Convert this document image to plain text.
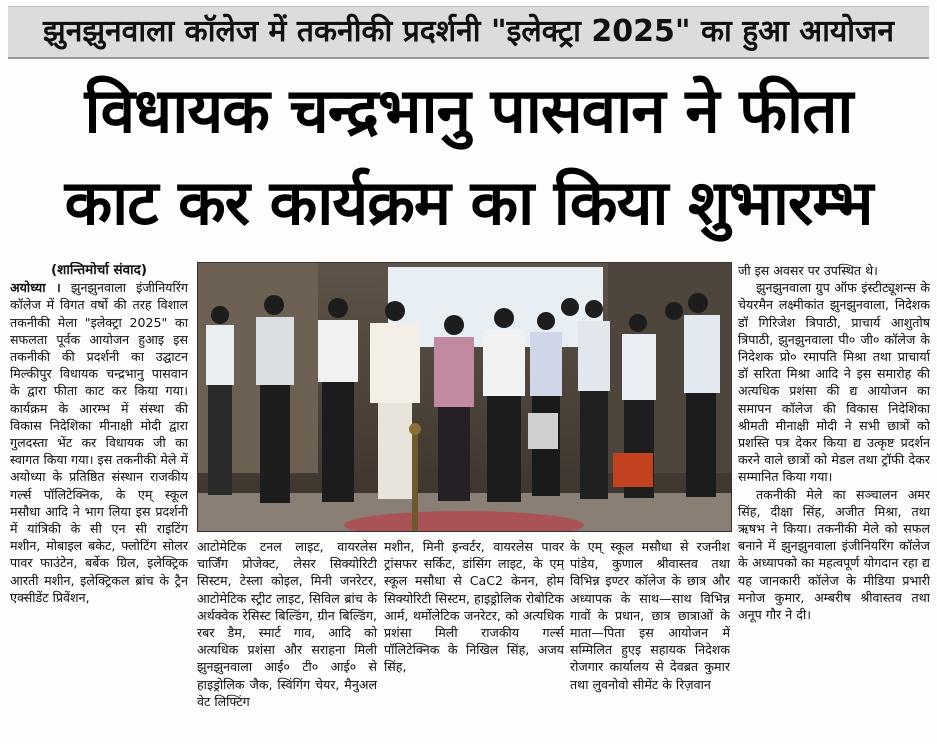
झुनझुनवाला कॉलेज में तकनीकी प्रदर्शनी "इलेक्ट्रा 2025" का हुआ आयोजन
विधायक चन्द्रभानु पासवान ने फीता
काट कर कार्यक्रम का किया शुभारम्भ

(शान्तिमोर्चा संवाद)

अयोध्या । झुनझुनवाला इंजीनियरिंग कॉलेज में विगत वर्षो की तरह विशाल तकनीकी मेला "इलेक्ट्रा 2025" का सफलता पूर्वक आयोजन हुआइ इस तकनीकी की प्रदर्शनी का उद्घाटन मिल्कीपुर विधायक चन्द्रभानु पासवान के द्वारा फीता काट कर किया गया। कार्यक्रम के आरम्भ में संस्था की विकास निदेशिका मीनाक्षी मोदी द्वारा गुलदस्ता भेंट कर विधायक जी का स्वागत किया गया। इस तकनीकी मेले में अयोध्या के प्रतिष्ठित संस्थान राजकीय गर्ल्स पॉलिटेक्निक, के एम् स्कूल मसौधा आदि ने भाग लिया इस प्रदर्शनी में यांत्रिकी के सी एन सी राइटिंग मशीन, मोबाइल बकेट, फ्लोटिंग सोलर पावर फाउंटेन, बर्बेक ग्रिल, इलेक्ट्रिक आरती मशीन, इलेक्ट्रिकल ब्रांच के ट्रैन एक्सीडेंट प्रिवेंशन,

आटोमेटिक टनल लाइट, वायरलेस चार्जिंग प्रोजेक्ट, लेसर सिक्योरिटी सिस्टम, टेस्ला कोइल, मिनी जनरेटर, आटोमेटिक स्ट्रीट लाइट, सिविल ब्रांच के अर्थक्वेक रेसिस्ट बिल्डिंग, ग्रीन बिल्डिंग, रबर डैम, स्मार्ट गाव, आदि को अत्यधिक प्रशंसा और सराहना मिली झुनझुनवाला आई० टी० आई० से हाइड्रोलिक जैक, स्विंगिंग चेयर, मैनुअल वेट लिफ्टिंग

मशीन, मिनी इन्वर्टर, वायरलेस पावर ट्रांसफर सर्किट, डांसिंग लाइट, के एम् स्कूल मसौधा से CaC2 केनन, होम सिक्योरिटी सिस्टम, हाइड्रोलिक रोबोटिक आर्म, थर्मोलेटिक जनरेटर, को अत्यधिक प्रशंसा मिली राजकीय गर्ल्स पॉलिटेक्निक के निखिल सिंह, अजय सिंह,

के एम् स्कूल मसौधा से रजनीश पांडेय, कुणाल श्रीवास्तव तथा विभिन्न इण्टर कॉलेज के छात्र और अध्यापक के साथ—साथ विभिन्न गावों के प्रधान, छात्र छात्राओं के माता—पिता इस आयोजन में सम्मिलित हुएइ सहायक निदेशक रोजगार कार्यालय से देवब्रत कुमार तथा लुवनोवो सीमेंट के रिज़वान

जी इस अवसर पर उपस्थित थे।

झुनझुनवाला ग्रुप ऑफ इंस्टीट्यूशन्स के चेयरमैन लक्ष्मीकांत झुनझुनवाला, निदेशक डॉ गिरिजेश त्रिपाठी, प्राचार्य आशुतोष त्रिपाठी, झुनझुनवाला पी० जी० कॉलेज के निदेशक प्रो० रमापति मिश्रा तथा प्राचार्या डॉ सरिता मिश्रा आदि ने इस समारोह की अत्यधिक प्रशंसा की द्य आयोजन का समापन कॉलेज की विकास निदेशिका श्रीमती मीनाक्षी मोदी ने सभी छात्रों को प्रशस्ति पत्र देकर किया द्य उत्कृष्ट प्रदर्शन करने वाले छात्रों को मेडल तथा ट्रॉफी देकर सम्मानित किया गया।

तकनीकी मेले का सञ्चालन अमर सिंह, दीक्षा सिंह, अजीत मिश्रा, तथा ऋषभ ने किया। तकनीकी मेले को सफल बनाने में झुनझुनवाला इंजीनियरिंग कॉलेज के अध्यापको का महत्वपूर्ण योगदान रहा द्य यह जानकारी कॉलेज के मीडिया प्रभारी मनोज कुमार, अम्बरीष श्रीवास्तव तथा अनूप गौर ने दी।
